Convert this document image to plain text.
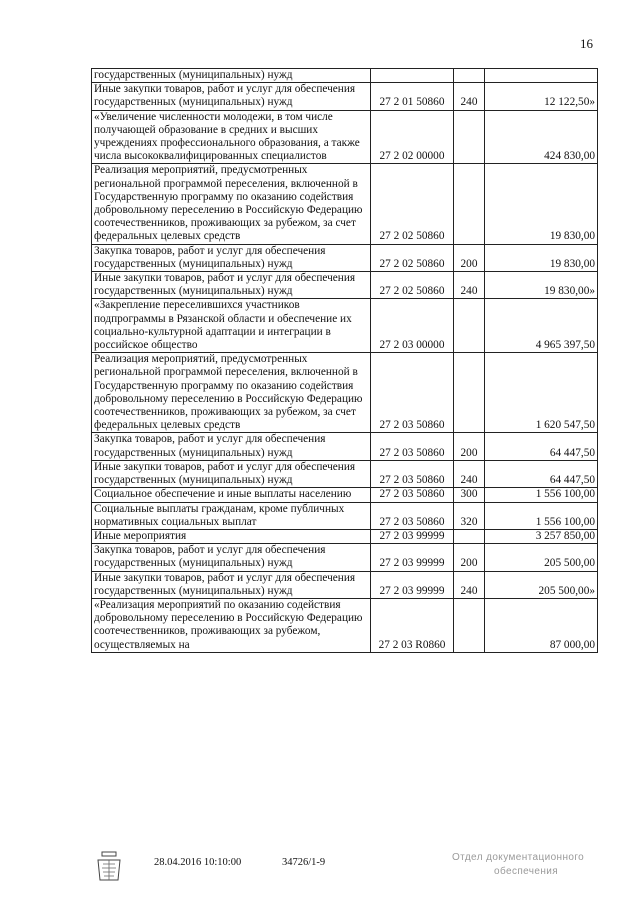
16
государственных (муниципальных) нужд			
Иные закупки товаров, работ и услуг для обеспечения государственных (муниципальных) нужд	27 2 01 50860	240	12 122,50»
«Увеличение численности молодежи, в том числе получающей образование в средних и высших учреждениях профессионального образования, а также числа высококвалифицированных специалистов	27 2 02 00000		424 830,00
Реализация мероприятий, предусмотренных региональной программой переселения, включенной в Государственную программу по оказанию содействия добровольному переселению в Российскую Федерацию соотечественников, проживающих за рубежом, за счет федеральных целевых средств	27 2 02 50860		19 830,00
Закупка товаров, работ и услуг для обеспечения государственных (муниципальных) нужд	27 2 02 50860	200	19 830,00
Иные закупки товаров, работ и услуг для обеспечения государственных (муниципальных) нужд	27 2 02 50860	240	19 830,00»
«Закрепление переселившихся участников подпрограммы в Рязанской области и обеспечение их социально-культурной адаптации и интеграции в российское общество	27 2 03 00000		4 965 397,50
Реализация мероприятий, предусмотренных региональной программой переселения, включенной в Государственную программу по оказанию содействия добровольному переселению в Российскую Федерацию соотечественников, проживающих за рубежом, за счет федеральных целевых средств	27 2 03 50860		1 620 547,50
Закупка товаров, работ и услуг для обеспечения государственных (муниципальных) нужд	27 2 03 50860	200	64 447,50
Иные закупки товаров, работ и услуг для обеспечения государственных (муниципальных) нужд	27 2 03 50860	240	64 447,50
Социальное обеспечение и иные выплаты населению	27 2 03 50860	300	1 556 100,00
Социальные выплаты гражданам, кроме публичных нормативных социальных выплат	27 2 03 50860	320	1 556 100,00
Иные мероприятия	27 2 03 99999		3 257 850,00
Закупка товаров, работ и услуг для обеспечения государственных (муниципальных) нужд	27 2 03 99999	200	205 500,00
Иные закупки товаров, работ и услуг для обеспечения государственных (муниципальных) нужд	27 2 03 99999	240	205 500,00»
«Реализация мероприятий по оказанию содействия добровольному переселению в Российскую Федерацию соотечественников, проживающих за рубежом, осуществляемых на	27 2 03 R0860		87 000,00
28.04.2016 10:10:00	34726/1-9	Отдел документационного
обеспечения
